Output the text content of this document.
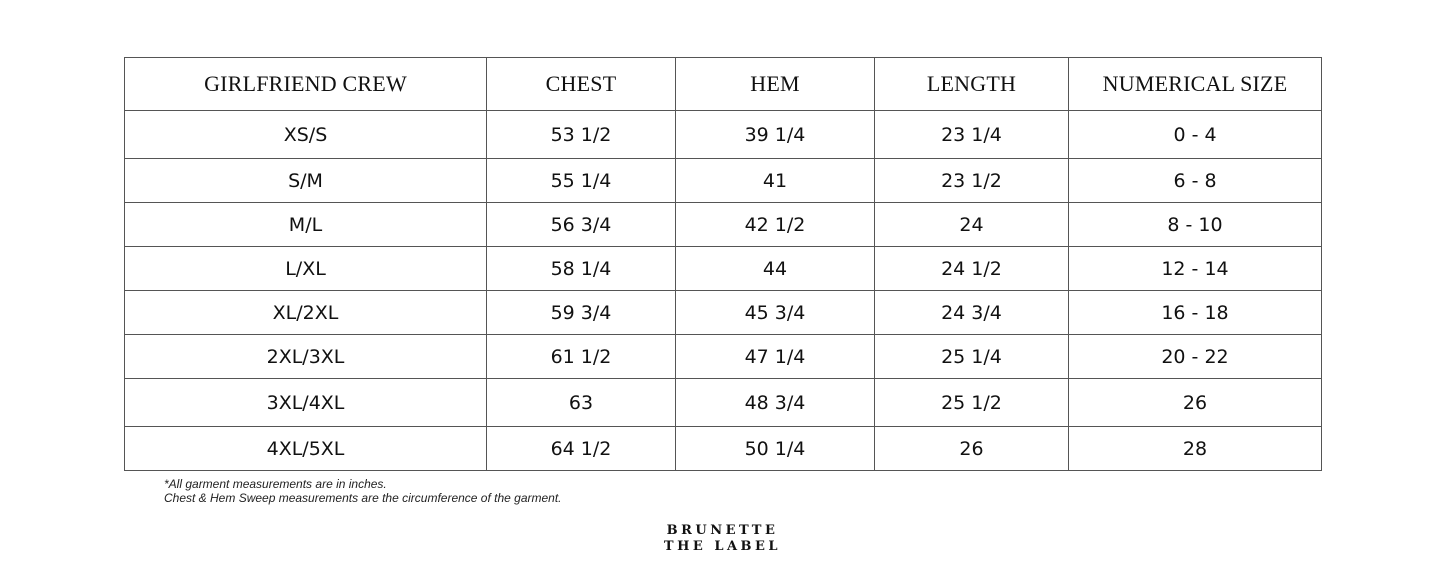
GIRLFRIEND CREW	CHEST	HEM	LENGTH	NUMERICAL SIZE
XS/S	53 1/2	39 1/4	23 1/4	0 - 4
S/M	55 1/4	41	23 1/2	6 - 8
M/L	56 3/4	42 1/2	24	8 - 10
L/XL	58 1/4	44	24 1/2	12 - 14
XL/2XL	59 3/4	45 3/4	24 3/4	16 - 18
2XL/3XL	61 1/2	47 1/4	25 1/4	20 - 22
3XL/4XL	63	48 3/4	25 1/2	26
4XL/5XL	64 1/2	50 1/4	26	28
*All garment measurements are in inches.
Chest & Hem Sweep measurements are the circumference of the garment.
BRUNETTE
THE LABEL
